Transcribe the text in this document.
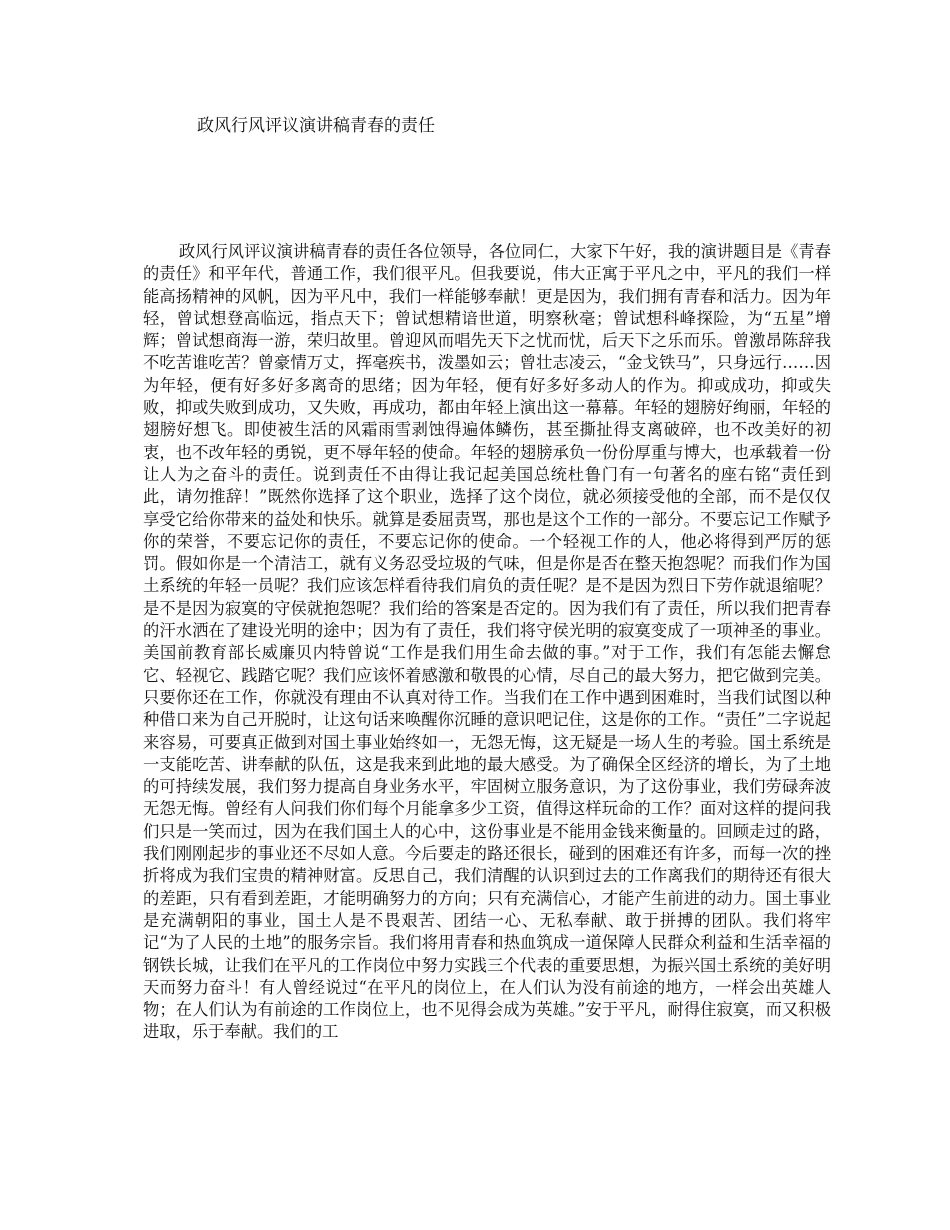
政风行风评议演讲稿青春的责任

政风行风评议演讲稿青春的责任各位领导，各位同仁，大家下午好，我的演讲题目是《青春的责任》和平年代，普通工作，我们很平凡。但我要说，伟大正寓于平凡之中，平凡的我们一样能高扬精神的风帆，因为平凡中，我们一样能够奉献！更是因为，我们拥有青春和活力。因为年轻，曾试想登高临远，指点天下；曾试想精谙世道，明察秋毫；曾试想科峰探险，为“五星”增辉；曾试想商海一游，荣归故里。曾迎风而唱先天下之忧而忧，后天下之乐而乐。曾激昂陈辞我不吃苦谁吃苦？曾豪情万丈，挥毫疾书，泼墨如云；曾壮志凌云，“金戈铁马”，只身远行……因为年轻，便有好多好多离奇的思绪；因为年轻，便有好多好多动人的作为。抑或成功，抑或失败，抑或失败到成功，又失败，再成功，都由年轻上演出这一幕幕。年轻的翅膀好绚丽，年轻的翅膀好想飞。即使被生活的风霜雨雪剥蚀得遍体鳞伤，甚至撕扯得支离破碎，也不改美好的初衷，也不改年轻的勇锐，更不辱年轻的使命。年轻的翅膀承负一份份厚重与博大，也承载着一份让人为之奋斗的责任。说到责任不由得让我记起美国总统杜鲁门有一句著名的座右铭“责任到此，请勿推辞！”既然你选择了这个职业，选择了这个岗位，就必须接受他的全部，而不是仅仅享受它给你带来的益处和快乐。就算是委屈责骂，那也是这个工作的一部分。不要忘记工作赋予你的荣誉，不要忘记你的责任，不要忘记你的使命。一个轻视工作的人，他必将得到严厉的惩罚。假如你是一个清洁工，就有义务忍受垃圾的气味，但是你是否在整天抱怨呢？而我们作为国土系统的年轻一员呢？我们应该怎样看待我们肩负的责任呢？是不是因为烈日下劳作就退缩呢？是不是因为寂寞的守侯就抱怨呢？我们给的答案是否定的。因为我们有了责任，所以我们把青春的汗水洒在了建设光明的途中；因为有了责任，我们将守侯光明的寂寞变成了一项神圣的事业。美国前教育部长威廉贝内特曾说“工作是我们用生命去做的事。”对于工作，我们有怎能去懈怠它、轻视它、践踏它呢？我们应该怀着感激和敬畏的心情，尽自己的最大努力，把它做到完美。只要你还在工作，你就没有理由不认真对待工作。当我们在工作中遇到困难时，当我们试图以种种借口来为自己开脱时，让这句话来唤醒你沉睡的意识吧记住，这是你的工作。“责任”二字说起来容易，可要真正做到对国土事业始终如一，无怨无悔，这无疑是一场人生的考验。国土系统是一支能吃苦、讲奉献的队伍，这是我来到此地的最大感受。为了确保全区经济的增长，为了土地的可持续发展，我们努力提高自身业务水平，牢固树立服务意识，为了这份事业，我们劳碌奔波无怨无悔。曾经有人问我们你们每个月能拿多少工资，值得这样玩命的工作？面对这样的提问我们只是一笑而过，因为在我们国土人的心中，这份事业是不能用金钱来衡量的。回顾走过的路，我们刚刚起步的事业还不尽如人意。今后要走的路还很长，碰到的困难还有许多，而每一次的挫折将成为我们宝贵的精神财富。反思自己，我们清醒的认识到过去的工作离我们的期待还有很大的差距，只有看到差距，才能明确努力的方向；只有充满信心，才能产生前进的动力。国土事业是充满朝阳的事业，国土人是不畏艰苦、团结一心、无私奉献、敢于拼搏的团队。我们将牢记“为了人民的土地”的服务宗旨。我们将用青春和热血筑成一道保障人民群众利益和生活幸福的钢铁长城，让我们在平凡的工作岗位中努力实践三个代表的重要思想，为振兴国土系统的美好明天而努力奋斗！有人曾经说过“在平凡的岗位上，在人们认为没有前途的地方，一样会出英雄人物；在人们认为有前途的工作岗位上，也不见得会成为英雄。”安于平凡，耐得住寂寞，而又积极进取，乐于奉献。我们的工
